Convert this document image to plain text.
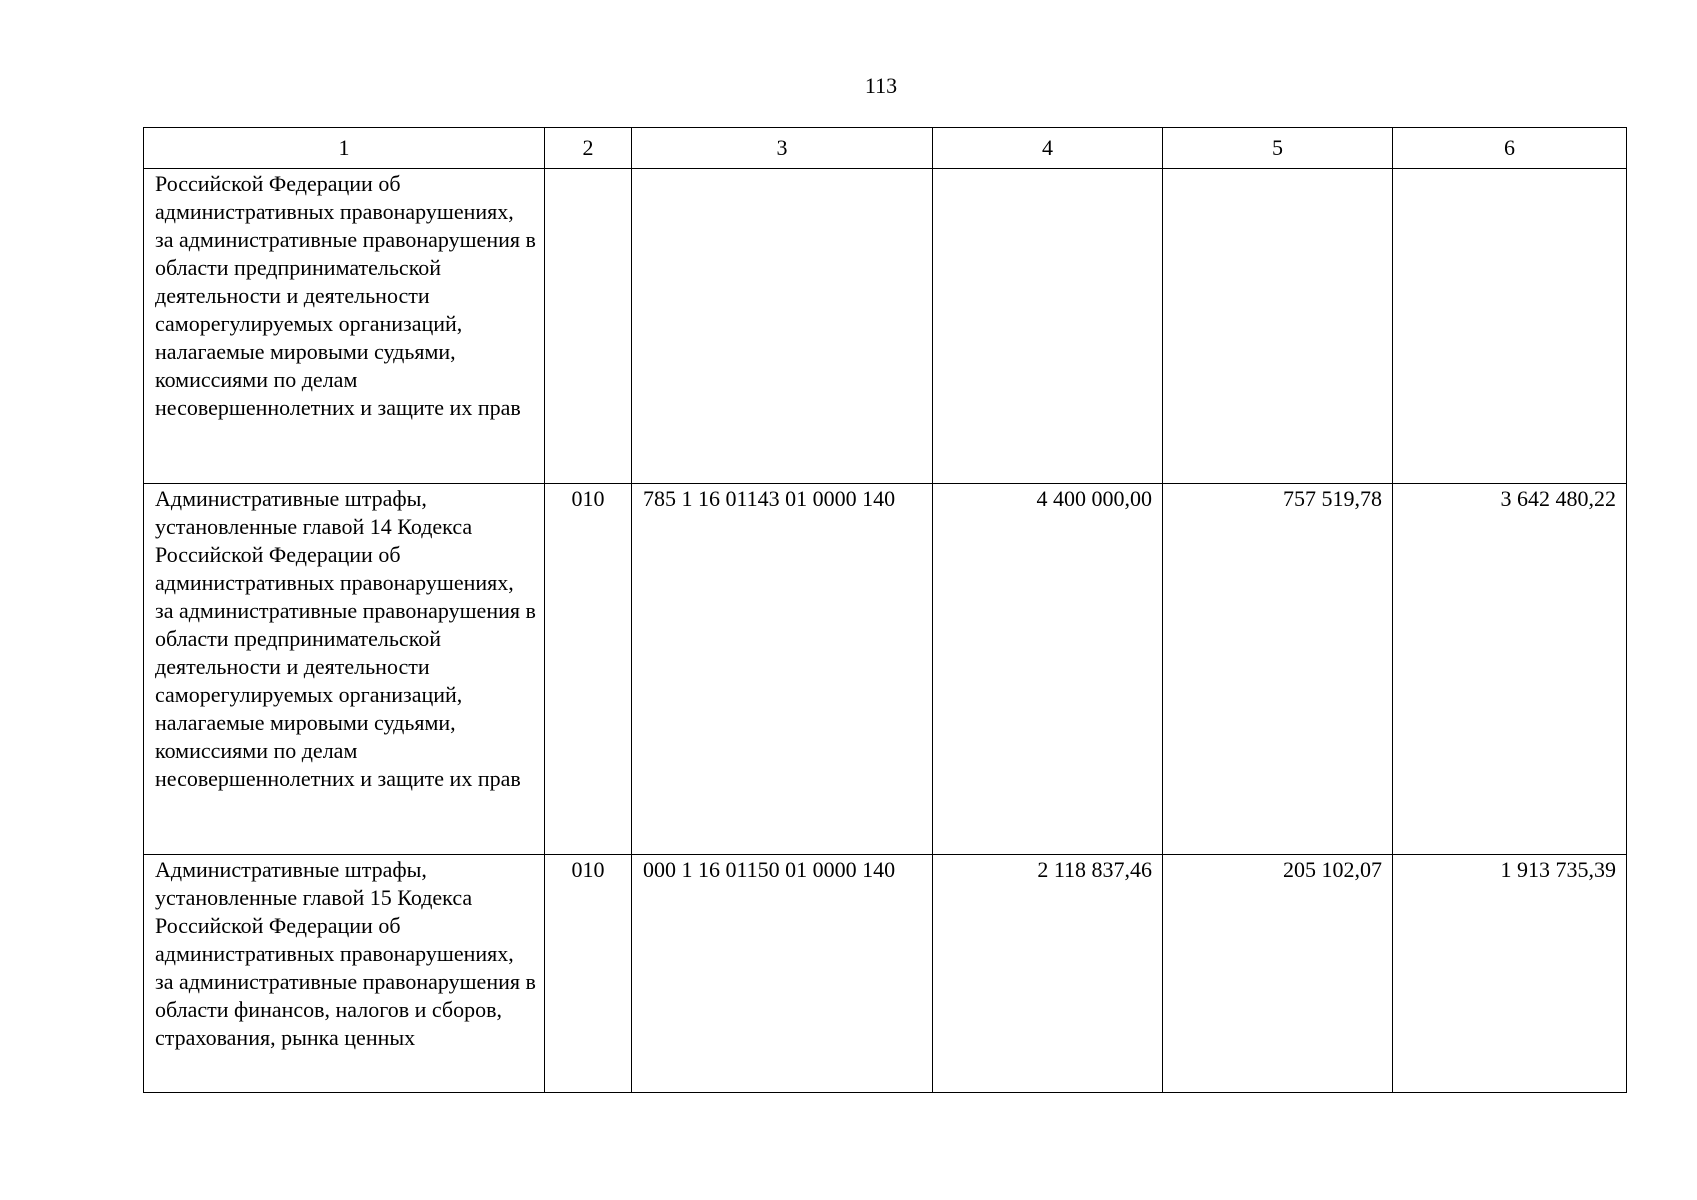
113
1	2	3	4	5	6
Российской Федерации об административных правонарушениях, за административные правонарушения в области предпринимательской деятельности и деятельности саморегулируемых организаций, налагаемые мировыми судьями, комиссиями по делам несовершеннолетних и защите их прав					
Административные штрафы, установленные главой 14 Кодекса Российской Федерации об административных правонарушениях, за административные правонарушения в области предпринимательской деятельности и деятельности саморегулируемых организаций, налагаемые мировыми судьями, комиссиями по делам несовершеннолетних и защите их прав	010	785 1 16 01143 01 0000 140	4 400 000,00	757 519,78	3 642 480,22
Административные штрафы, установленные главой 15 Кодекса Российской Федерации об административных правонарушениях, за административные правонарушения в области финансов, налогов и сборов, страхования, рынка ценных	010	000 1 16 01150 01 0000 140	2 118 837,46	205 102,07	1 913 735,39
